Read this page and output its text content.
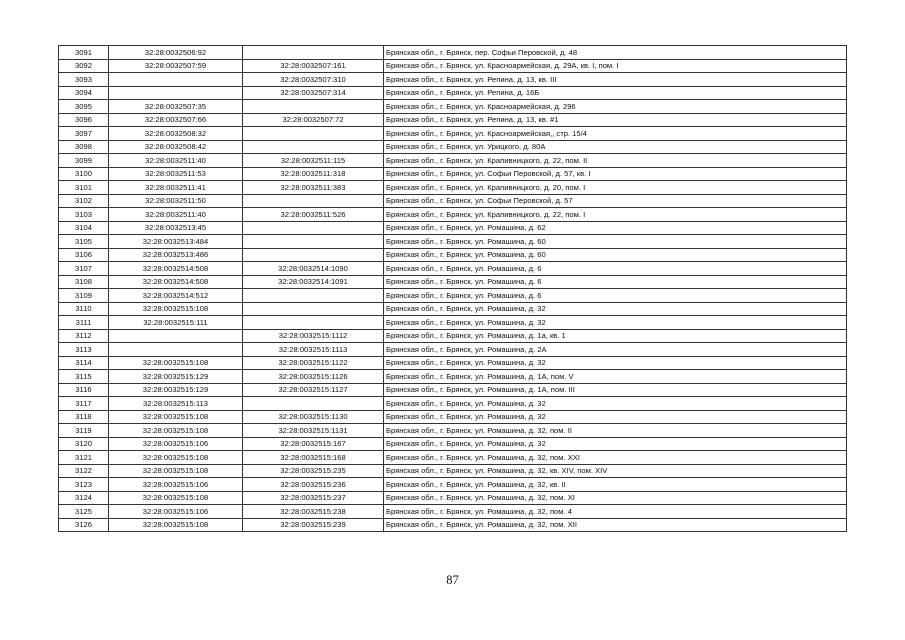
3091	32:28:0032506:92		Брянская обл., г. Брянск, пер. Софьи Перовской, д. 48
3092	32:28:0032507:59	32:28:0032507:161	Брянская обл., г. Брянск, ул. Красноармейская, д. 29А, кв. I, пом. I
3093		32:28:0032507:310	Брянская обл., г. Брянск, ул. Репина, д. 13, кв. III
3094		32:28:0032507:314	Брянская обл., г. Брянск, ул. Репина, д. 16Б
3095	32:28:0032507:35		Брянская обл., г. Брянск, ул. Красноармейская, д. 296
3096	32:28:0032507:66	32:28:0032507:72	Брянская обл., г. Брянск, ул. Репина, д. 13, кв. #1
3097	32:28:0032508:32		Брянская обл., г. Брянск, ул. Красноармейская,, стр. 15/4
3098	32:28:0032508:42		Брянская обл., г. Брянск, ул. Урицкого, д. 80А
3099	32:28:0032511:40	32:28:0032511:115	Брянская обл., г. Брянск, ул. Крапивницкого, д. 22, пом. II
3100	32:28:0032511:53	32:28:0032511:318	Брянская обл., г. Брянск, ул. Софьи Перовской, д. 57, кв. I
3101	32:28:0032511:41	32:28:0032511:383	Брянская обл., г. Брянск, ул. Крапивницкого, д. 20, пом. I
3102	32:28:0032511:50		Брянская обл., г. Брянск, ул. Софьи Перовской, д. 57
3103	32:28:0032511:40	32:28:0032511:526	Брянская обл., г. Брянск, ул. Крапивницкого, д. 22, пом. I
3104	32:28:0032513:45		Брянская обл., г. Брянск, ул. Ромашина, д. 62
3105	32:28:0032513:484		Брянская обл., г. Брянск, ул. Ромашина, д. 60
3106	32:28:0032513:486		Брянская обл., г. Брянск, ул. Ромашина, д. 60
3107	32:28:0032514:508	32:28:0032514:1090	Брянская обл., г. Брянск, ул. Ромашина, д. 6
3108	32:28:0032514:508	32:28:0032514:1091	Брянская обл., г. Брянск, ул. Ромашина, д. 6
3109	32:28:0032514:512		Брянская обл., г. Брянск, ул. Ромашина, д. 6
3110	32:28:0032515:108		Брянская обл., г. Брянск, ул. Ромашина, д. 32
3111	32:28:0032515:111		Брянская обл., г. Брянск, ул. Ромашина, д. 32
3112		32:28:0032515:1112	Брянская обл., г. Брянск, ул. Ромашина, д. 1а, кв. 1
3113		32:28:0032515:1113	Брянская обл., г. Брянск, ул. Ромашина, д. 2А
3114	32:28:0032515:108	32:28:0032515:1122	Брянская обл., г. Брянск, ул. Ромашина, д. 32
3115	32:28:0032515:129	32:28:0032515:1126	Брянская обл., г. Брянск, ул. Ромашина, д. 1А, пом. V
3116	32:28:0032515:129	32:28:0032515:1127	Брянская обл., г. Брянск, ул. Ромашина, д. 1А, пом. III
3117	32:28:0032515:113		Брянская обл., г. Брянск, ул. Ромашина, д. 32
3118	32:28:0032515:108	32:28:0032515:1130	Брянская обл., г. Брянск, ул. Ромашина, д. 32
3119	32:28:0032515:108	32:28:0032515:1131	Брянская обл., г. Брянск, ул. Ромашина, д. 32, пом. II
3120	32:28:0032515:106	32:28:0032515:167	Брянская обл., г. Брянск, ул. Ромашина, д. 32
3121	32:28:0032515:108	32:28:0032515:168	Брянская обл., г. Брянск, ул. Ромашина, д. 32, пом. XXI
3122	32:28:0032515:108	32:28:0032515:235	Брянская обл., г. Брянск, ул. Ромашина, д. 32, кв. XIV, пом. XIV
3123	32:28:0032515:106	32:28:0032515:236	Брянская обл., г. Брянск, ул. Ромашина, д. 32, кв. II
3124	32:28:0032515:108	32:28:0032515:237	Брянская обл., г. Брянск, ул. Ромашина, д. 32, пом. XI
3125	32:28:0032515:106	32:28:0032515:238	Брянская обл., г. Брянск, ул. Ромашина, д. 32, пом. 4
3126	32:28:0032515:108	32:28:0032515:239	Брянская обл., г. Брянск, ул. Ромашина, д. 32, пом. XII
87
